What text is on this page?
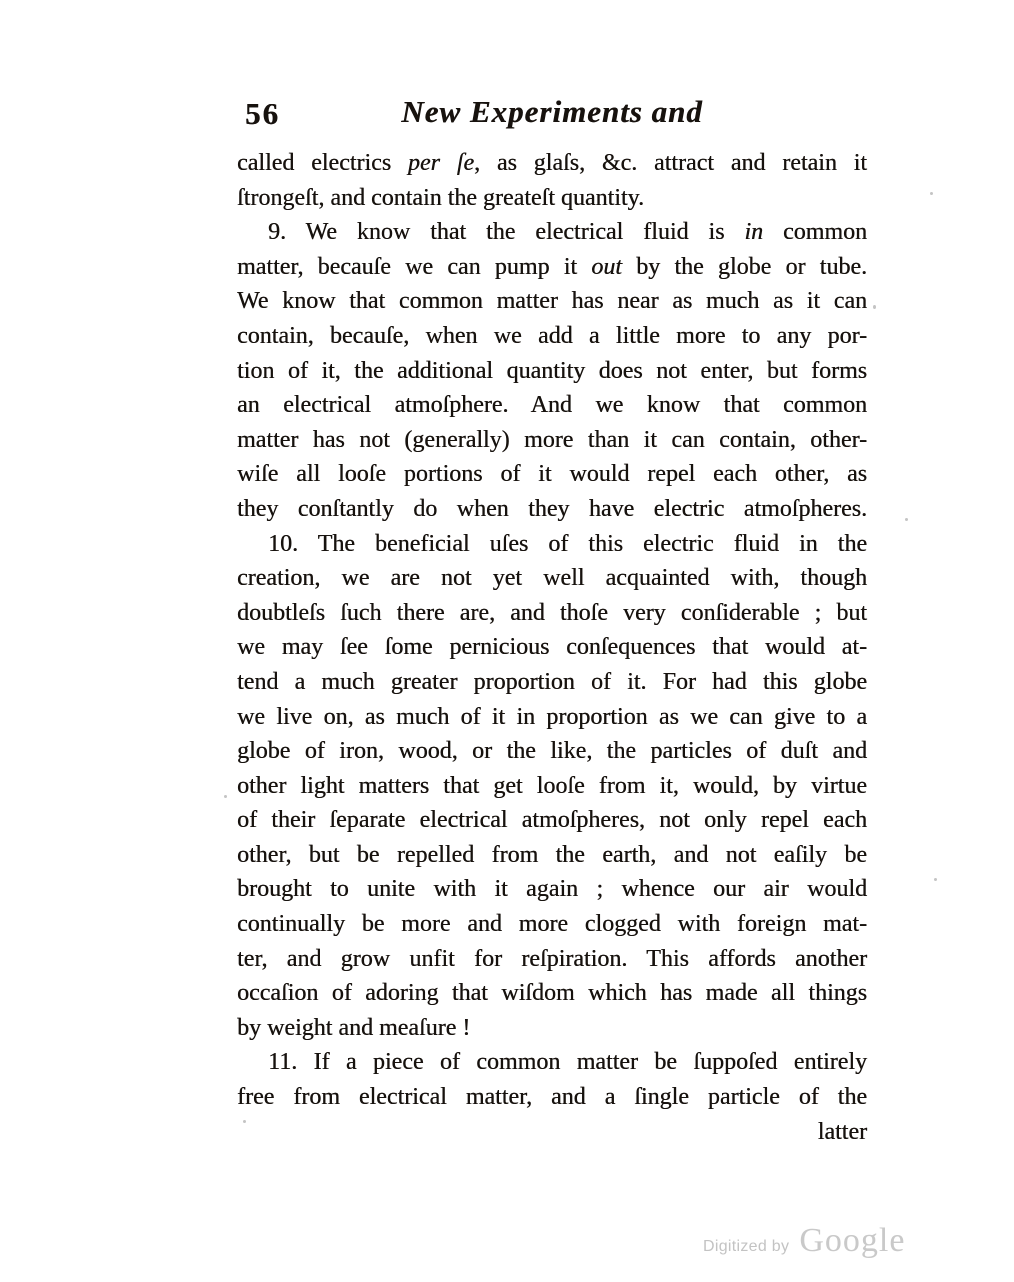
56	New Experiments and
called electrics per ſe, as glaſs, &c. attract and retain it
ſtrongeſt, and contain the greateſt quantity.
9. We know that the electrical fluid is in common
matter, becauſe we can pump it out by the globe or tube.
We know that common matter has near as much as it can
contain, becauſe, when we add a little more to any por-
tion of it, the additional quantity does not enter, but forms
an electrical atmoſphere. And we know that common
matter has not (generally) more than it can contain, other-
wiſe all looſe portions of it would repel each other, as
they conſtantly do when they have electric atmoſpheres.
10. The beneficial uſes of this electric fluid in the
creation, we are not yet well acquainted with, though
doubtleſs ſuch there are, and thoſe very conſiderable ; but
we may ſee ſome pernicious conſequences that would at-
tend a much greater proportion of it. For had this globe
we live on, as much of it in proportion as we can give to a
globe of iron, wood, or the like, the particles of duſt and
other light matters that get looſe from it, would, by virtue
of their ſeparate electrical atmoſpheres, not only repel each
other, but be repelled from the earth, and not eaſily be
brought to unite with it again ; whence our air would
continually be more and more clogged with foreign mat-
ter, and grow unfit for reſpiration. This affords another
occaſion of adoring that wiſdom which has made all things
by weight and meaſure !
11. If a piece of common matter be ſuppoſed entirely
free from electrical matter, and a ſingle particle of the
latter
Digitized by Google
